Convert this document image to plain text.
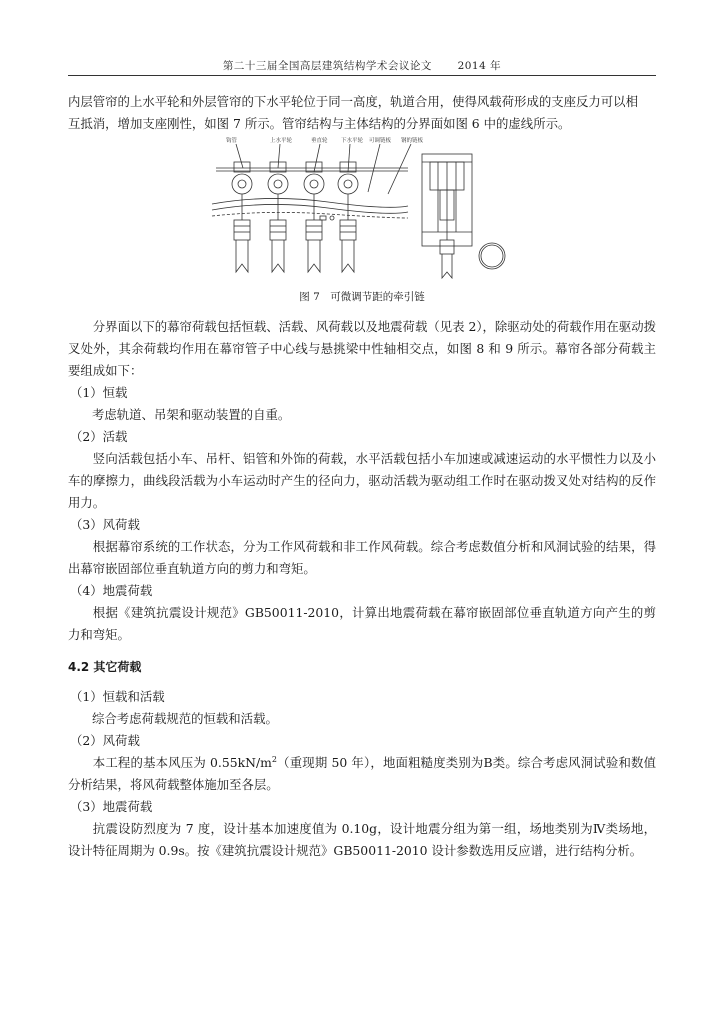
第二十三届全国高层建筑结构学术会议论文 2014 年

内层管帘的上水平轮和外层管帘的下水平轮位于同一高度，轨道合用，使得风载荷形成的支座反力可以相

互抵消，增加支座刚性，如图 7 所示。管帘结构与主体结构的分界面如图 6 中的虚线所示。

钩管	上水平轮	垂直轮 下水平轮 可调链板 钢的链板
图 7　可微调节距的牵引链

分界面以下的幕帘荷载包括恒载、活载、风荷载以及地震荷载（见表 2），除驱动处的荷载作用在驱动拨叉处外，其余荷载均作用在幕帘管子中心线与悬挑梁中性轴相交点，如图 8 和 9 所示。幕帘各部分荷载主要组成如下：

（1）恒载

考虑轨道、吊架和驱动装置的自重。

（2）活载

竖向活载包括小车、吊杆、铝管和外饰的荷载，水平活载包括小车加速或减速运动的水平惯性力以及小车的摩擦力，曲线段活载为小车运动时产生的径向力，驱动活载为驱动组工作时在驱动拨叉处对结构的反作用力。

（3）风荷载

根据幕帘系统的工作状态，分为工作风荷载和非工作风荷载。综合考虑数值分析和风洞试验的结果，得出幕帘嵌固部位垂直轨道方向的剪力和弯矩。

（4）地震荷载

根据《建筑抗震设计规范》GB50011-2010，计算出地震荷载在幕帘嵌固部位垂直轨道方向产生的剪力和弯矩。

4.2 其它荷载

（1）恒载和活载

综合考虑荷载规范的恒载和活载。

（2）风荷载

本工程的基本风压为 $0.55kN/m^2$（重现期 50 年），地面粗糙度类别为B类。综合考虑风洞试验和数值分析结果，将风荷载整体施加至各层。

（3）地震荷载

抗震设防烈度为 7 度，设计基本加速度值为 0.10g，设计地震分组为第一组，场地类别为Ⅳ类场地，设计特征周期为 0.9s。按《建筑抗震设计规范》GB50011-2010 设计参数选用反应谱，进行结构分析。
